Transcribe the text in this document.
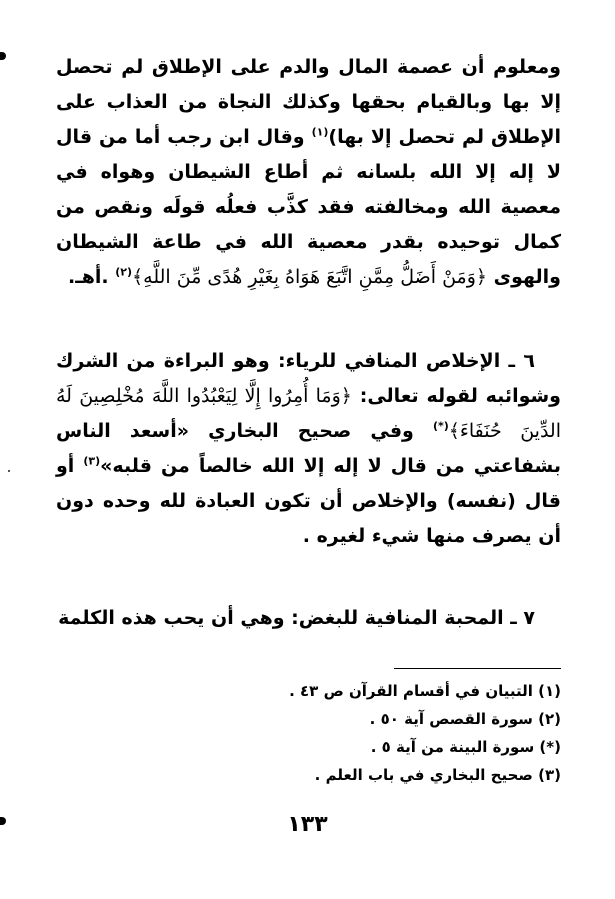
ومعلوم أن عصمة المال والدم على الإطلاق لم تحصل إلا بها وبالقيام بحقها وكذلك النجاة من العذاب على الإطلاق لم تحصل إلا بها)$^{(١)}$ وقال ابن رجب أما من قال لا إله إلا الله بلسانه ثم أطاع الشيطان وهواه في معصية الله ومخالفته فقد كذَّب فعلُه قولَه ونقص من كمال توحيده بقدر معصية الله في طاعة الشيطان والهوى ﴿وَمَنْ أَضَلُّ مِمَّنِ اتَّبَعَ هَوَاهُ بِغَيْرِ هُدًى مِّنَ اللَّهِ﴾$^{(٢)}$ .أهـ.

٦ ـ الإخلاص المنافي للرياء: وهو البراءة من الشرك وشوائبه لقوله تعالى: ﴿وَمَا أُمِرُوا إِلَّا لِيَعْبُدُوا اللَّهَ مُخْلِصِينَ لَهُ الدِّينَ حُنَفَاءَ﴾(*) وفي صحيح البخاري «أسعد الناس بشفاعتي من قال لا إله إلا الله خالصاً من قلبه»$^{(٣)}$ أو قال (نفسه) والإخلاص أن تكون العبادة لله وحده دون أن يصرف منها شيء لغيره .

٧ ـ المحبة المنافية للبغض: وهي أن يحب هذه الكلمة

(١) التبيان في أقسام القرآن ص ٤٣ .
(٢) سورة القصص آية ٥٠ .
(*) سورة البينة من آية ٥ .
(٣) صحيح البخاري في باب العلم .
١٣٣
